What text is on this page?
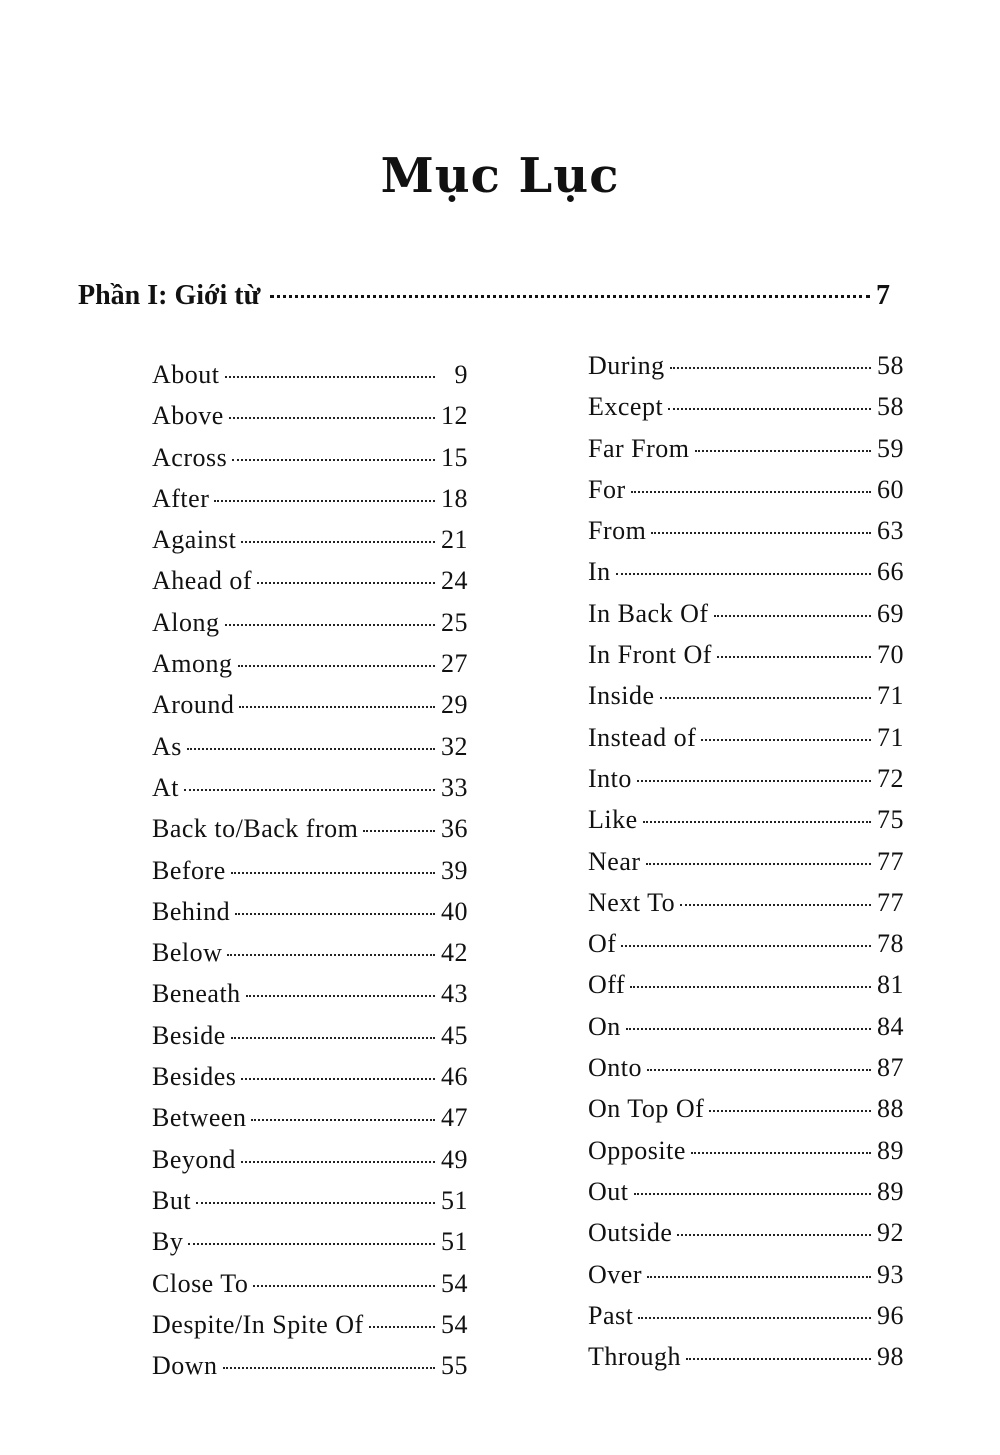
Mục Lục
Phần I: Giới từ	7
About	9
Above	12
Across	15
After	18
Against	21
Ahead of	24
Along	25
Among	27
Around	29
As	32
At	33
Back to/Back from	36
Before	39
Behind	40
Below	42
Beneath	43
Beside	45
Besides	46
Between	47
Beyond	49
But	51
By	51
Close To	54
Despite/In Spite Of	54
Down	55
During	58
Except	58
Far From	59
For	60
From	63
In	66
In Back Of	69
In Front Of	70
Inside	71
Instead of	71
Into	72
Like	75
Near	77
Next To	77
Of	78
Off	81
On	84
Onto	87
On Top Of	88
Opposite	89
Out	89
Outside	92
Over	93
Past	96
Through	98
